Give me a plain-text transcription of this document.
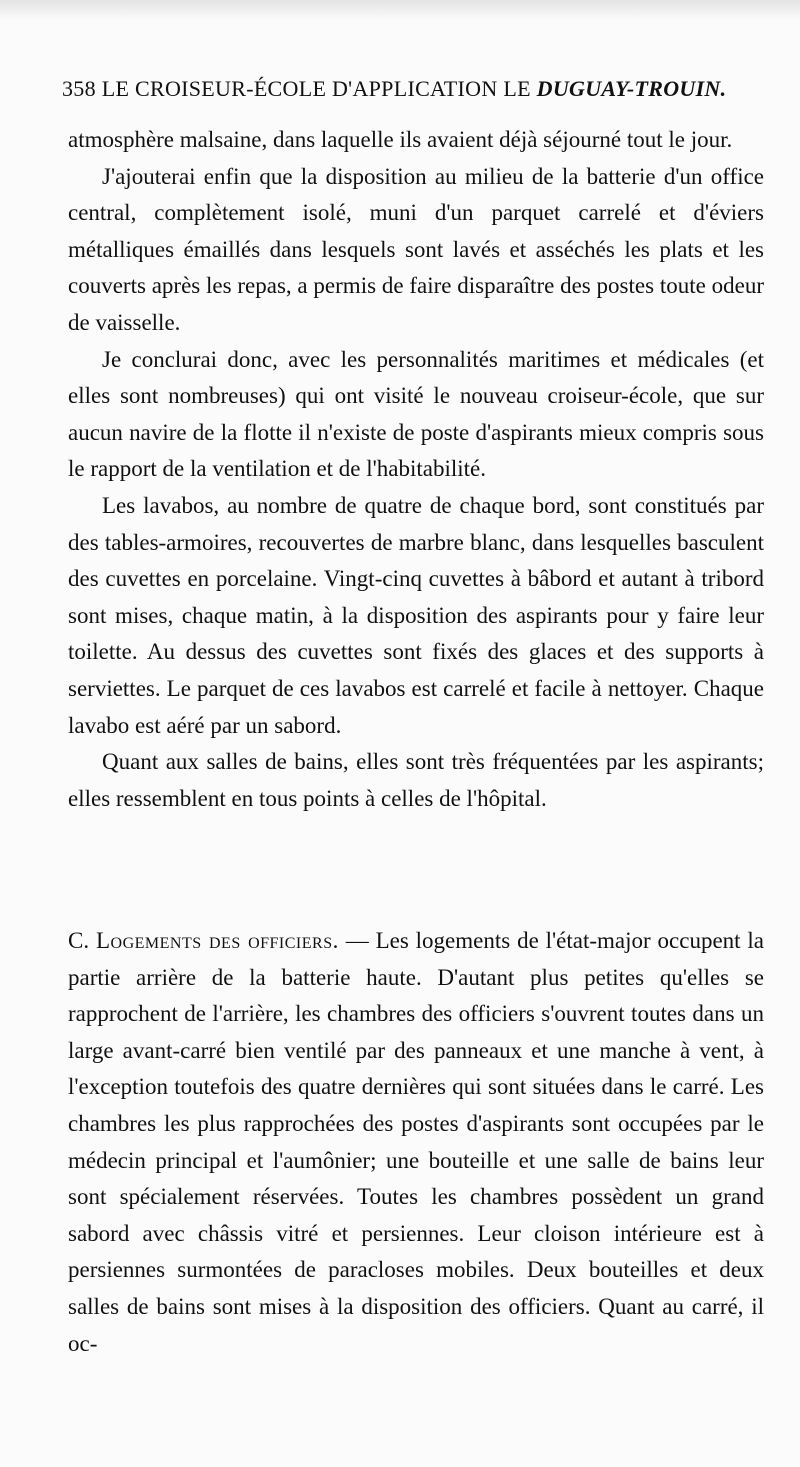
358 LE CROISEUR-ÉCOLE D'APPLICATION LE DUGUAY-TROUIN.

atmosphère malsaine, dans laquelle ils avaient déjà séjourné tout le jour.

J'ajouterai enfin que la disposition au milieu de la batterie d'un office central, complètement isolé, muni d'un parquet carrelé et d'éviers métalliques émaillés dans lesquels sont lavés et asséchés les plats et les couverts après les repas, a permis de faire disparaître des postes toute odeur de vaisselle.

Je conclurai donc, avec les personnalités maritimes et médicales (et elles sont nombreuses) qui ont visité le nouveau croiseur-école, que sur aucun navire de la flotte il n'existe de poste d'aspirants mieux compris sous le rapport de la ventilation et de l'habitabilité.

Les lavabos, au nombre de quatre de chaque bord, sont constitués par des tables-armoires, recouvertes de marbre blanc, dans lesquelles basculent des cuvettes en porcelaine. Vingt-cinq cuvettes à bâbord et autant à tribord sont mises, chaque matin, à la disposition des aspirants pour y faire leur toilette. Au dessus des cuvettes sont fixés des glaces et des supports à serviettes. Le parquet de ces lavabos est carrelé et facile à nettoyer. Chaque lavabo est aéré par un sabord.

Quant aux salles de bains, elles sont très fréquentées par les aspirants; elles ressemblent en tous points à celles de l'hôpital.

C. Logements des officiers. — Les logements de l'état-major occupent la partie arrière de la batterie haute. D'autant plus petites qu'elles se rapprochent de l'arrière, les chambres des officiers s'ouvrent toutes dans un large avant-carré bien ventilé par des panneaux et une manche à vent, à l'exception toutefois des quatre dernières qui sont situées dans le carré. Les chambres les plus rapprochées des postes d'aspirants sont occupées par le médecin principal et l'aumônier; une bouteille et une salle de bains leur sont spécialement réservées. Toutes les chambres possèdent un grand sabord avec châssis vitré et persiennes. Leur cloison intérieure est à persiennes surmontées de paracloses mobiles. Deux bouteilles et deux salles de bains sont mises à la disposition des officiers. Quant au carré, il oc-
